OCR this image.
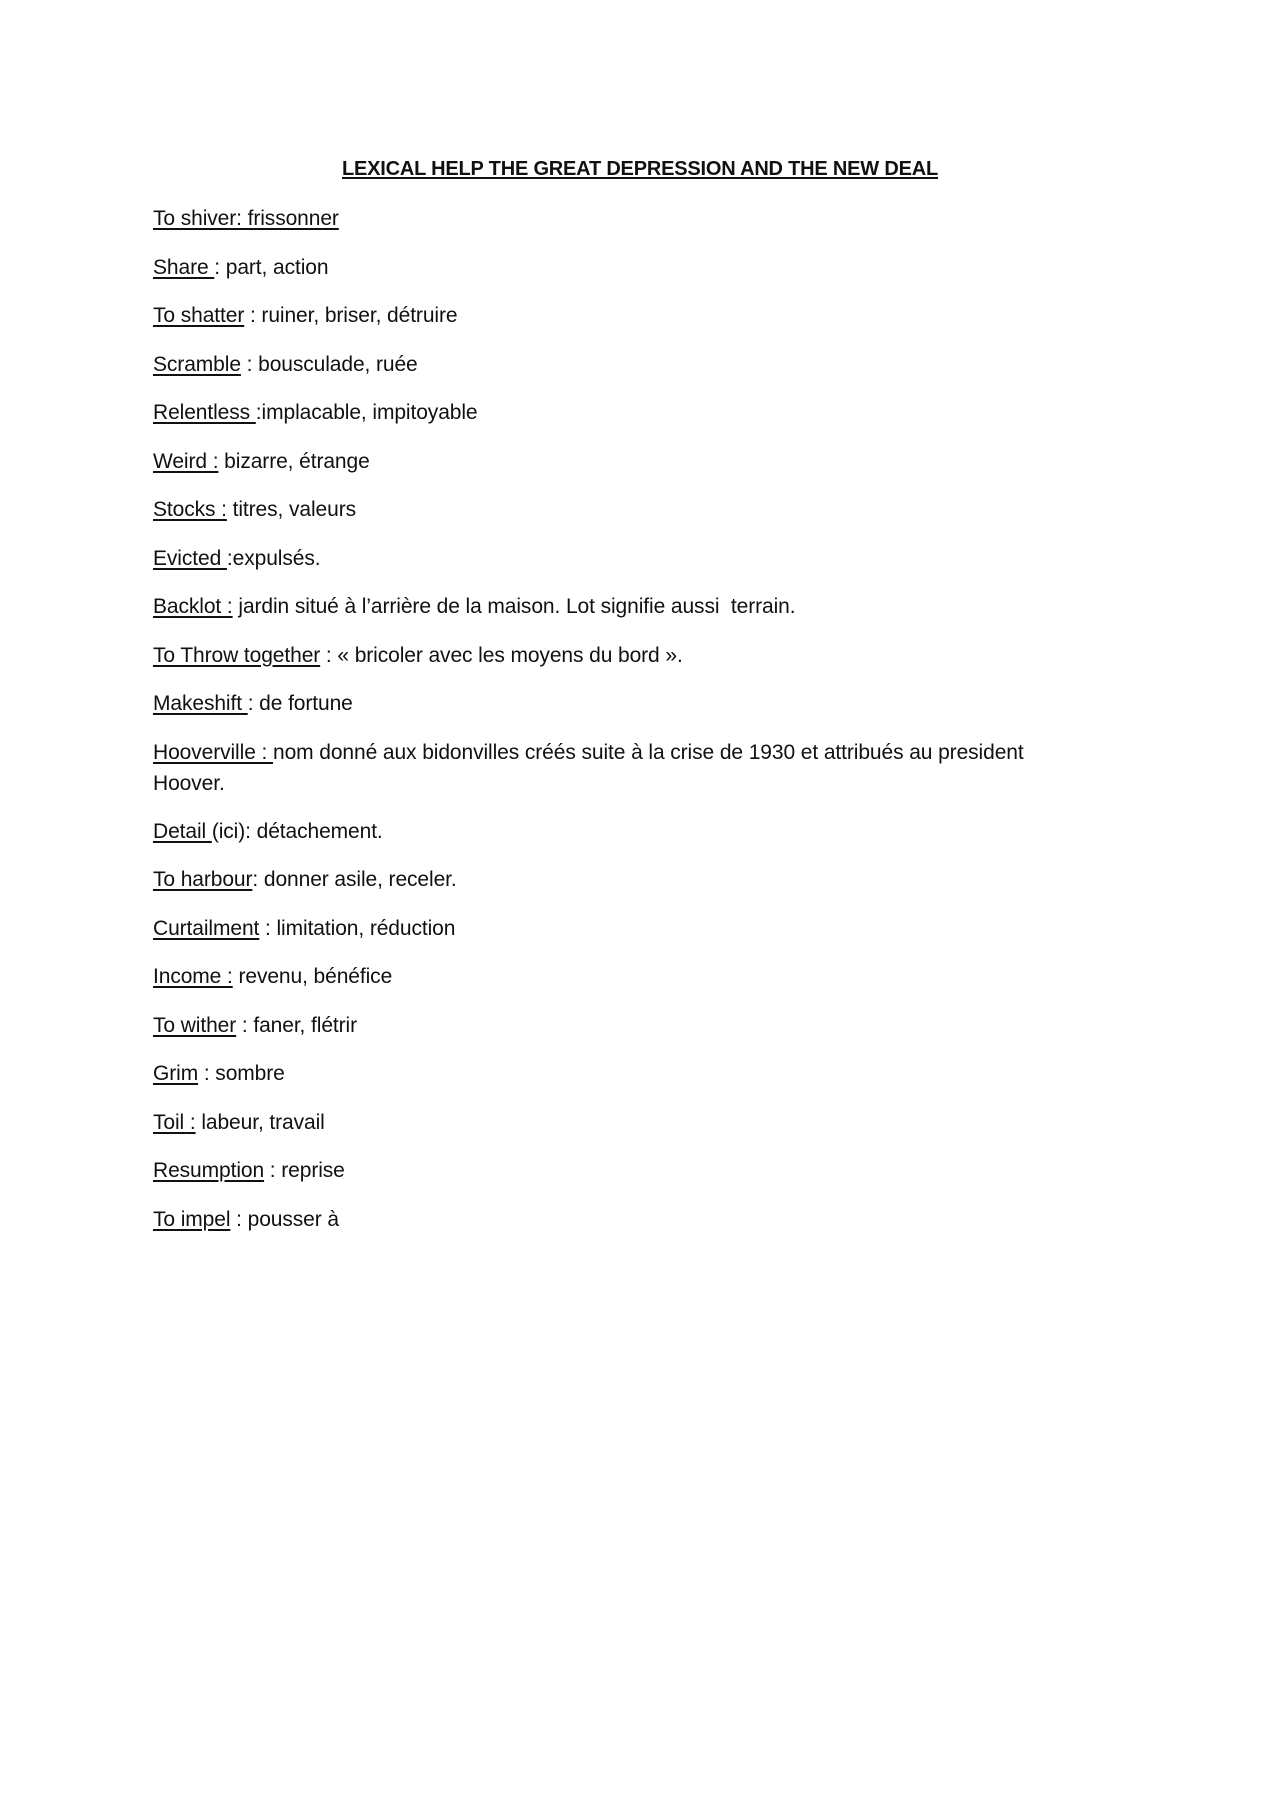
LEXICAL HELP THE GREAT DEPRESSION AND THE NEW DEAL

To shiver: frissonner

Share : part, action

To shatter : ruiner, briser, détruire

Scramble : bousculade, ruée

Relentless :implacable, impitoyable

Weird : bizarre, étrange

Stocks : titres, valeurs

Evicted :expulsés.

Backlot : jardin situé à l’arrière de la maison. Lot signifie aussi  terrain.

To Throw together : « bricoler avec les moyens du bord ».

Makeshift : de fortune

Hooverville : nom donné aux bidonvilles créés suite à la crise de 1930 et attribués au president Hoover.

Detail (ici): détachement.

To harbour: donner asile, receler.

Curtailment : limitation, réduction

Income : revenu, bénéfice

To wither : faner, flétrir

Grim : sombre

Toil : labeur, travail

Resumption : reprise

To impel : pousser à
